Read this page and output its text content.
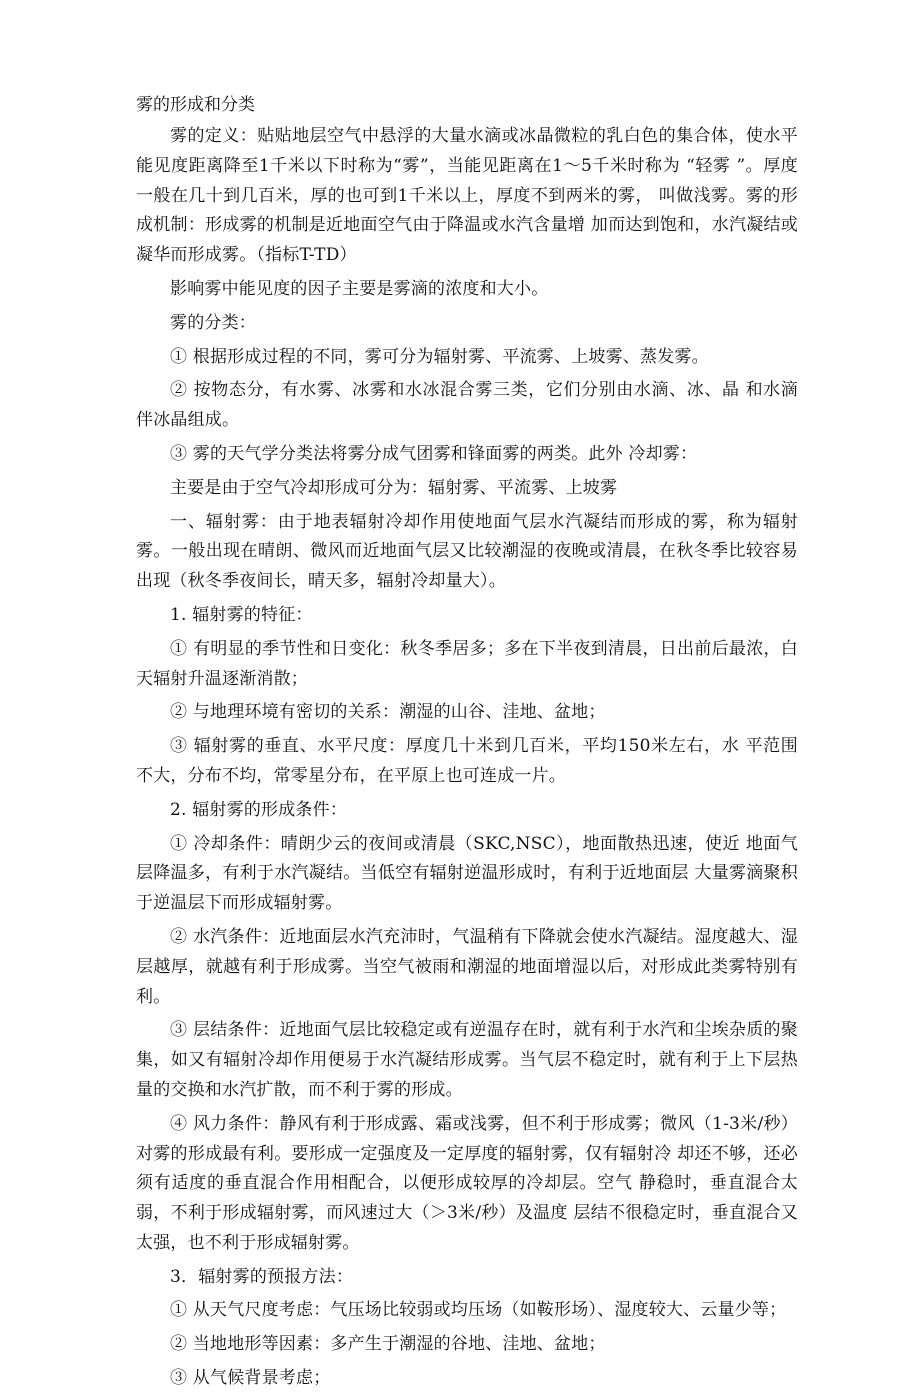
雾的形成和分类

雾的定义：贴贴地层空气中悬浮的大量水滴或冰晶微粒的乳白色的集合体，使水平能见度距离降至1千米以下时称为“雾”，当能见距离在1～5千米时称为 “轻雾 ”。厚度一般在几十到几百米，厚的也可到1千米以上，厚度不到两米的雾， 叫做浅雾。雾的形成机制：形成雾的机制是近地面空气由于降温或水汽含量增 加而达到饱和，水汽凝结或凝华而形成雾。（指标T-TD）

影响雾中能见度的因子主要是雾滴的浓度和大小。

雾的分类：

① 根据形成过程的不同，雾可分为辐射雾、平流雾、上坡雾、蒸发雾。

② 按物态分，有水雾、冰雾和水冰混合雾三类，它们分别由水滴、冰、晶 和水滴伴冰晶组成。

③ 雾的天气学分类法将雾分成气团雾和锋面雾的两类。此外 冷却雾：

主要是由于空气冷却形成可分为：辐射雾、平流雾、上坡雾

一、辐射雾：由于地表辐射冷却作用使地面气层水汽凝结而形成的雾，称为辐射雾。一般出现在晴朗、微风而近地面气层又比较潮湿的夜晚或清晨，在秋冬季比较容易出现（秋冬季夜间长，晴天多，辐射冷却量大）。

1. 辐射雾的特征：

① 有明显的季节性和日变化：秋冬季居多；多在下半夜到清晨，日出前后最浓，白天辐射升温逐渐消散；

② 与地理环境有密切的关系：潮湿的山谷、洼地、盆地；

③ 辐射雾的垂直、水平尺度：厚度几十米到几百米，平均150米左右，水 平范围不大，分布不均，常零星分布，在平原上也可连成一片。

2. 辐射雾的形成条件：

① 冷却条件：晴朗少云的夜间或清晨（SKC,NSC），地面散热迅速，使近 地面气层降温多，有利于水汽凝结。当低空有辐射逆温形成时，有利于近地面层 大量雾滴聚积于逆温层下而形成辐射雾。

② 水汽条件：近地面层水汽充沛时，气温稍有下降就会使水汽凝结。湿度越大、湿层越厚，就越有利于形成雾。当空气被雨和潮湿的地面增湿以后，对形成此类雾特别有利。

③ 层结条件：近地面气层比较稳定或有逆温存在时，就有利于水汽和尘埃杂质的聚集，如又有辐射冷却作用便易于水汽凝结形成雾。当气层不稳定时，就有利于上下层热量的交换和水汽扩散，而不利于雾的形成。

④ 风力条件：静风有利于形成露、霜或浅雾，但不利于形成雾；微风（1-3米/秒）对雾的形成最有利。要形成一定强度及一定厚度的辐射雾，仅有辐射冷 却还不够，还必须有适度的垂直混合作用相配合，以便形成较厚的冷却层。空气 静稳时，垂直混合太弱，不利于形成辐射雾，而风速过大（＞3米/秒）及温度 层结不很稳定时，垂直混合又太强，也不利于形成辐射雾。

3．辐射雾的预报方法：

① 从天气尺度考虑：气压场比较弱或均压场（如鞍形场）、湿度较大、云量少等；

② 当地地形等因素：多产生于潮湿的谷地、洼地、盆地；

③ 从气候背景考虑；
